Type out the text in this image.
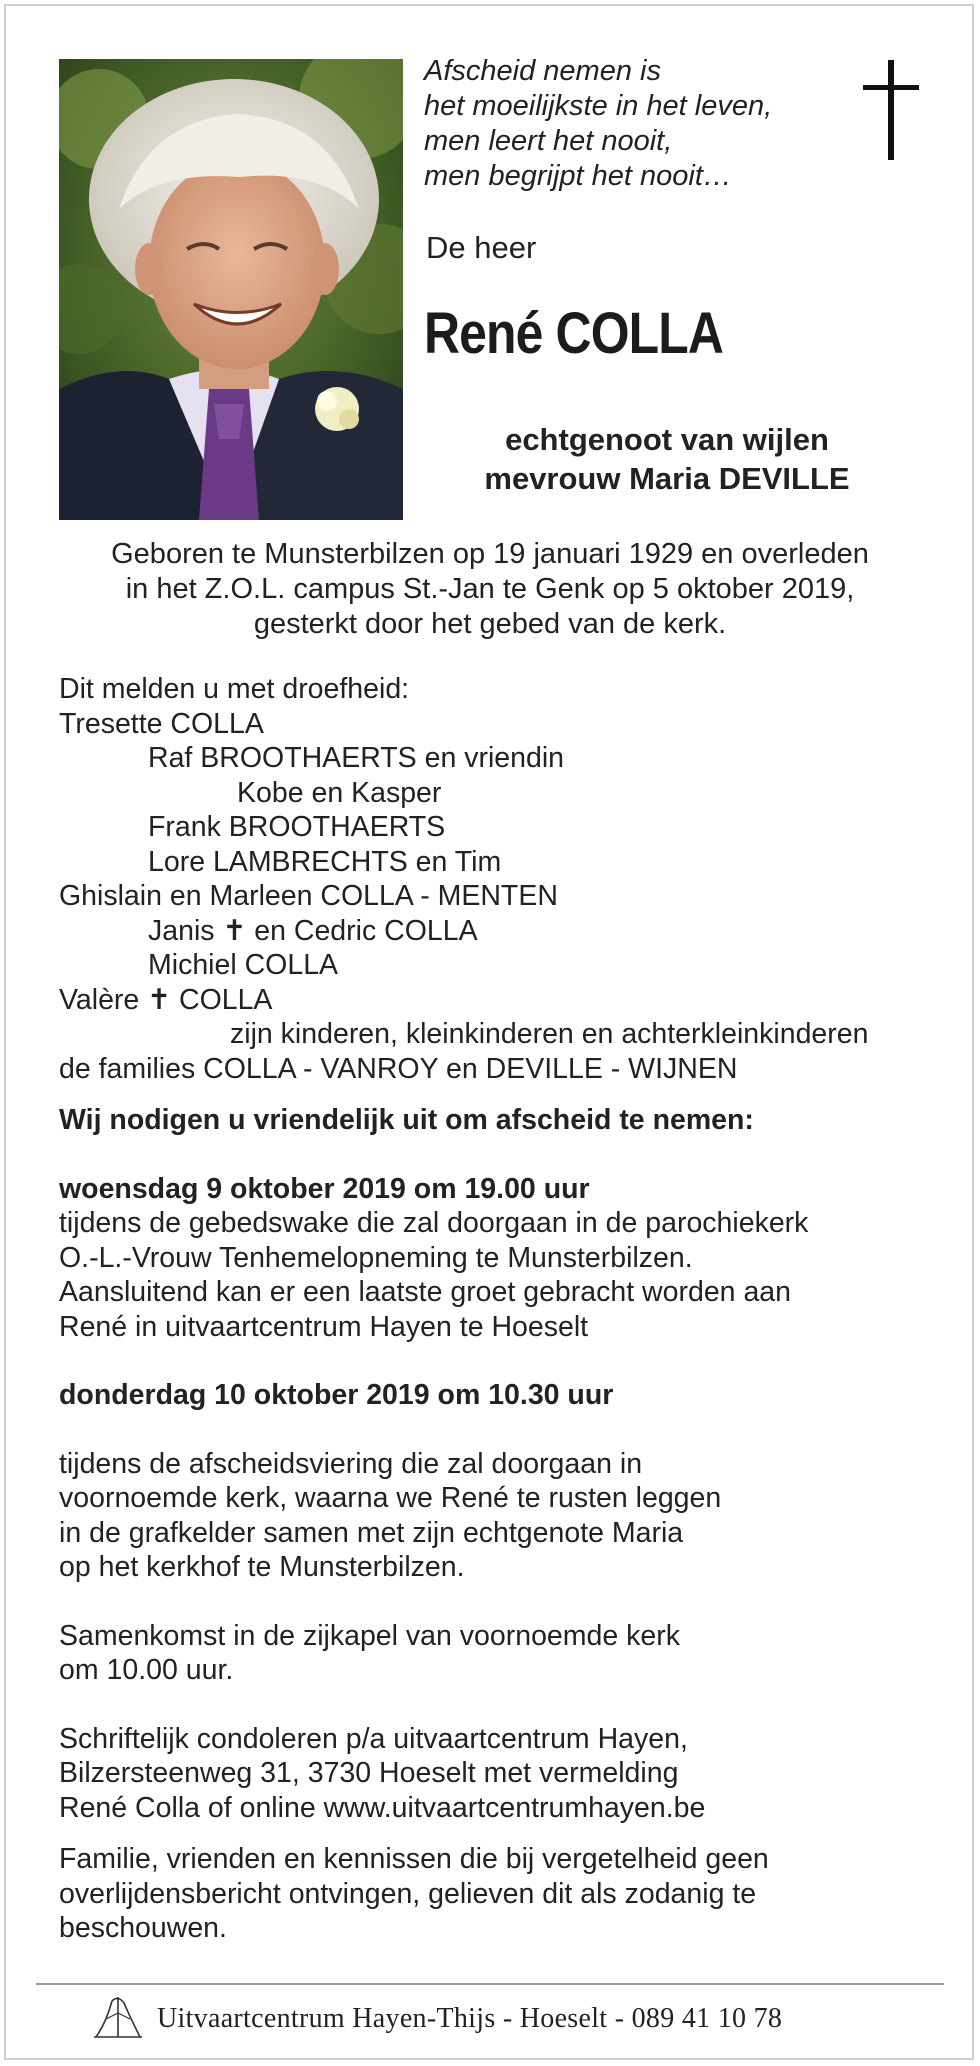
Afscheid nemen is
het moeilijkste in het leven,
men leert het nooit,
men begrijpt het nooit…
De heer
René COLLA
echtgenoot van wijlen
mevrouw Maria DEVILLE
Geboren te Munsterbilzen op 19 januari 1929 en overleden
in het Z.O.L. campus St.-Jan te Genk op 5 oktober 2019,
gesterkt door het gebed van de kerk.
Dit melden u met droefheid:
Tresette COLLA
Raf BROOTHAERTS en vriendin
Kobe en Kasper
Frank BROOTHAERTS
Lore LAMBRECHTS en Tim
Ghislain en Marleen COLLA - MENTEN
Janis ✝ en Cedric COLLA
Michiel COLLA
Valère ✝ COLLA
zijn kinderen, kleinkinderen en achterkleinkinderen
de families COLLA - VANROY en DEVILLE - WIJNEN
Wij nodigen u vriendelijk uit om afscheid te nemen:
woensdag 9 oktober 2019 om 19.00 uur
tijdens de gebedswake die zal doorgaan in de parochiekerk
O.-L.-Vrouw Tenhemelopneming te Munsterbilzen.
Aansluitend kan er een laatste groet gebracht worden aan
René in uitvaartcentrum Hayen te Hoeselt
donderdag 10 oktober 2019 om 10.30 uur
tijdens de afscheidsviering die zal doorgaan in
voornoemde kerk, waarna we René te rusten leggen
in de grafkelder samen met zijn echtgenote Maria
op het kerkhof te Munsterbilzen.
Samenkomst in de zijkapel van voornoemde kerk
om 10.00 uur.
Schriftelijk condoleren p/a uitvaartcentrum Hayen,
Bilzersteenweg 31, 3730 Hoeselt met vermelding
René Colla of online www.uitvaartcentrumhayen.be
Familie, vrienden en kennissen die bij vergetelheid geen
overlijdensbericht ontvingen, gelieven dit als zodanig te
beschouwen.
Uitvaartcentrum Hayen-Thijs - Hoeselt - 089 41 10 78
